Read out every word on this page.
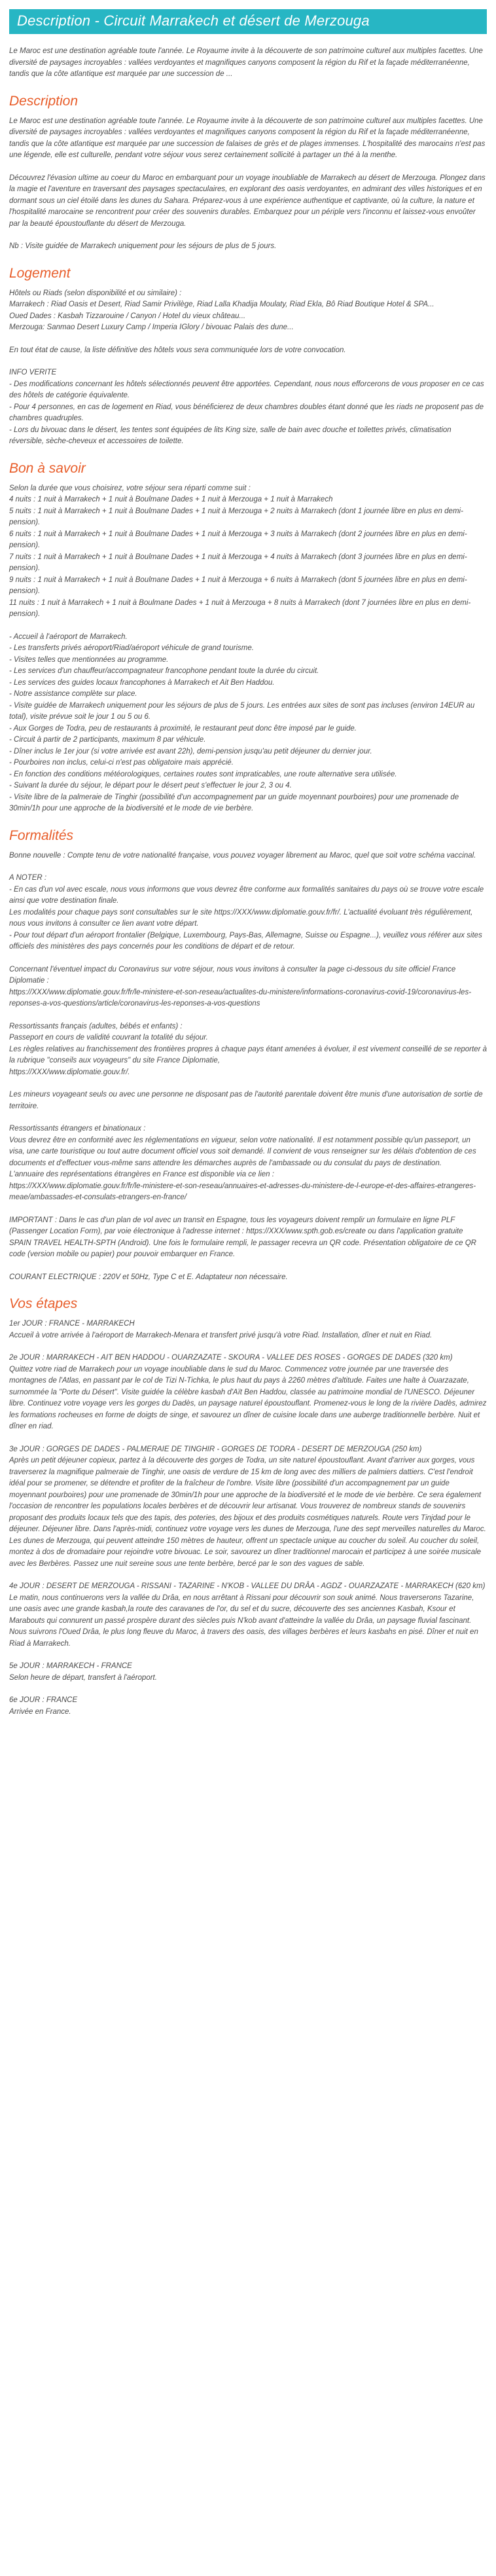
Description - Circuit Marrakech et désert de Merzouga

Le Maroc est une destination agréable toute l'année. Le Royaume invite à la découverte de son patrimoine culturel aux multiples facettes. Une diversité de paysages incroyables : vallées verdoyantes et magnifiques canyons composent la région du Rif et la façade méditerranéenne, tandis que la côte atlantique est marquée par une succession de ...

Description

Le Maroc est une destination agréable toute l'année. Le Royaume invite à la découverte de son patrimoine culturel aux multiples facettes. Une diversité de paysages incroyables : vallées verdoyantes et magnifiques canyons composent la région du Rif et la façade méditerranéenne, tandis que la côte atlantique est marquée par une succession de falaises de grès et de plages immenses. L'hospitalité des marocains n'est pas une légende, elle est culturelle, pendant votre séjour vous serez certainement sollicité à partager un thé à la menthe.

Découvrez l'évasion ultime au coeur du Maroc en embarquant pour un voyage inoubliable de Marrakech au désert de Merzouga. Plongez dans la magie et l'aventure en traversant des paysages spectaculaires, en explorant des oasis verdoyantes, en admirant des villes historiques et en dormant sous un ciel étoilé dans les dunes du Sahara. Préparez-vous à une expérience authentique et captivante, où la culture, la nature et l'hospitalité marocaine se rencontrent pour créer des souvenirs durables. Embarquez pour un périple vers l'inconnu et laissez-vous envoûter par la beauté époustouflante du désert de Merzouga.

Nb : Visite guidée de Marrakech uniquement pour les séjours de plus de 5 jours.

Logement

Hôtels ou Riads (selon disponibilité et ou similaire) :
Marrakech : Riad Oasis et Desert, Riad Samir Privilège, Riad Lalla Khadija Moulaty, Riad Ekla, Bô Riad Boutique Hotel & SPA...
Oued Dades : Kasbah Tizzarouine / Canyon / Hotel du vieux château...
Merzouga: Sanmao Desert Luxury Camp / Imperia IGlory / bivouac Palais des dune...

En tout état de cause, la liste définitive des hôtels vous sera communiquée lors de votre convocation.

INFO VERITE
- Des modifications concernant les hôtels sélectionnés peuvent être apportées. Cependant, nous nous efforcerons de vous proposer en ce cas des hôtels de catégorie équivalente.
- Pour 4 personnes, en cas de logement en Riad, vous bénéficierez de deux chambres doubles étant donné que les riads ne proposent pas de chambres quadruples.
- Lors du bivouac dans le désert, les tentes sont équipées de lits King size, salle de bain avec douche et toilettes privés, climatisation réversible, sèche-cheveux et accessoires de toilette.

Bon à savoir

Selon la durée que vous choisirez, votre séjour sera réparti comme suit :
4 nuits : 1 nuit à Marrakech + 1 nuit à Boulmane Dades + 1 nuit à Merzouga + 1 nuit à Marrakech
5 nuits : 1 nuit à Marrakech + 1 nuit à Boulmane Dades + 1 nuit à Merzouga + 2 nuits à Marrakech (dont 1 journée libre en plus en demi-pension).
6 nuits : 1 nuit à Marrakech + 1 nuit à Boulmane Dades + 1 nuit à Merzouga + 3 nuits à Marrakech (dont 2 journées libre en plus en demi-pension).
7 nuits : 1 nuit à Marrakech + 1 nuit à Boulmane Dades + 1 nuit à Merzouga + 4 nuits à Marrakech (dont 3 journées libre en plus en demi-pension).
9 nuits : 1 nuit à Marrakech + 1 nuit à Boulmane Dades + 1 nuit à Merzouga + 6 nuits à Marrakech (dont 5 journées libre en plus en demi-pension).
11 nuits : 1 nuit à Marrakech + 1 nuit à Boulmane Dades + 1 nuit à Merzouga + 8 nuits à Marrakech (dont 7 journées libre en plus en demi-pension).

- Accueil à l'aéroport de Marrakech.
- Les transferts privés aéroport/Riad/aéroport véhicule de grand tourisme.
- Visites telles que mentionnées au programme.
- Les services d'un chauffeur/accompagnateur francophone pendant toute la durée du circuit.
- Les services des guides locaux francophones à Marrakech et Ait Ben Haddou.
- Notre assistance complète sur place.
- Visite guidée de Marrakech uniquement pour les séjours de plus de 5 jours. Les entrées aux sites de sont pas incluses (environ 14EUR au total), visite prévue soit le jour 1 ou 5 ou 6.
- Aux Gorges de Todra, peu de restaurants à proximité, le restaurant peut donc être imposé par le guide.
- Circuit à partir de 2 participants, maximum 8 par véhicule.
- Dîner inclus le 1er jour (si votre arrivée est avant 22h), demi-pension jusqu'au petit déjeuner du dernier jour.
- Pourboires non inclus, celui-ci n'est pas obligatoire mais apprécié.
- En fonction des conditions météorologiques, certaines routes sont impraticables, une route alternative sera utilisée.
- Suivant la durée du séjour, le départ pour le désert peut s'effectuer le jour 2, 3 ou 4.
- Visite libre de la palmeraie de Tinghir (possibilité d'un accompagnement par un guide moyennant pourboires) pour une promenade de 30min/1h pour une approche de la biodiversité et le mode de vie berbère.

Formalités

Bonne nouvelle : Compte tenu de votre nationalité française, vous pouvez voyager librement au Maroc, quel que soit votre schéma vaccinal.

A NOTER :
- En cas d'un vol avec escale, nous vous informons que vous devrez être conforme aux formalités sanitaires du pays où se trouve votre escale ainsi que votre destination finale.
Les modalités pour chaque pays sont consultables sur le site https://XXX/www.diplomatie.gouv.fr/fr/. L'actualité évoluant très régulièrement, nous vous invitons à consulter ce lien avant votre départ.
- Pour tout départ d'un aéroport frontalier (Belgique, Luxembourg, Pays-Bas, Allemagne, Suisse ou Espagne...), veuillez vous référer aux sites officiels des ministères des pays concernés pour les conditions de départ et de retour.

Concernant l'éventuel impact du Coronavirus sur votre séjour, nous vous invitons à consulter la page ci-dessous du site officiel France Diplomatie :
https://XXX/www.diplomatie.gouv.fr/fr/le-ministere-et-son-reseau/actualites-du-ministere/informations-coronavirus-covid-19/coronavirus-les-reponses-a-vos-questions/article/coronavirus-les-reponses-a-vos-questions

Ressortissants français (adultes, bébés et enfants) :
Passeport en cours de validité couvrant la totalité du séjour.
Les règles relatives au franchissement des frontières propres à chaque pays étant amenées à évoluer, il est vivement conseillé de se reporter à la rubrique "conseils aux voyageurs" du site France Diplomatie,
https://XXX/www.diplomatie.gouv.fr/.

Les mineurs voyageant seuls ou avec une personne ne disposant pas de l'autorité parentale doivent être munis d'une autorisation de sortie de territoire.

Ressortissants étrangers et binationaux :
Vous devrez être en conformité avec les réglementations en vigueur, selon votre nationalité. Il est notamment possible qu'un passeport, un visa, une carte touristique ou tout autre document officiel vous soit demandé. Il convient de vous renseigner sur les délais d'obtention de ces documents et d'effectuer vous-même sans attendre les démarches auprès de l'ambassade ou du consulat du pays de destination.
L'annuaire des représentations étrangères en France est disponible via ce lien :
https://XXX/www.diplomatie.gouv.fr/fr/le-ministere-et-son-reseau/annuaires-et-adresses-du-ministere-de-l-europe-et-des-affaires-etrangeres-meae/ambassades-et-consulats-etrangers-en-france/

IMPORTANT : Dans le cas d'un plan de vol avec un transit en Espagne, tous les voyageurs doivent remplir un formulaire en ligne PLF (Passenger Location Form), par voie électronique à l'adresse internet : https://XXX/www.spth.gob.es/create ou dans l'application gratuite SPAIN TRAVEL HEALTH-SPTH (Android). Une fois le formulaire rempli, le passager recevra un QR code. Présentation obligatoire de ce QR code (version mobile ou papier) pour pouvoir embarquer en France.

COURANT ELECTRIQUE : 220V et 50Hz, Type C et E. Adaptateur non nécessaire.

Vos étapes

1er JOUR : FRANCE - MARRAKECH

Accueil à votre arrivée à l'aéroport de Marrakech-Menara et transfert privé jusqu'à votre Riad. Installation, dîner et nuit en Riad.

2e JOUR : MARRAKECH - AIT BEN HADDOU - OUARZAZATE - SKOURA - VALLEE DES ROSES - GORGES DE DADES (320 km)

Quittez votre riad de Marrakech pour un voyage inoubliable dans le sud du Maroc. Commencez votre journée par une traversée des montagnes de l'Atlas, en passant par le col de Tizi N-Tichka, le plus haut du pays à 2260 mètres d'altitude. Faites une halte à Ouarzazate, surnommée la "Porte du Désert". Visite guidée la célèbre kasbah d'Aït Ben Haddou, classée au patrimoine mondial de l'UNESCO. Déjeuner libre. Continuez votre voyage vers les gorges du Dadès, un paysage naturel époustouflant. Promenez-vous le long de la rivière Dadès, admirez les formations rocheuses en forme de doigts de singe, et savourez un dîner de cuisine locale dans une auberge traditionnelle berbère. Nuit et dîner en riad.

3e JOUR : GORGES DE DADES - PALMERAIE DE TINGHIR - GORGES DE TODRA - DESERT DE MERZOUGA (250 km)

Après un petit déjeuner copieux, partez à la découverte des gorges de Todra, un site naturel époustouflant. Avant d'arriver aux gorges, vous traverserez la magnifique palmeraie de Tinghir, une oasis de verdure de 15 km de long avec des milliers de palmiers dattiers. C'est l'endroit idéal pour se promener, se détendre et profiter de la fraîcheur de l'ombre. Visite libre (possibilité d'un accompagnement par un guide moyennant pourboires) pour une promenade de 30min/1h pour une approche de la biodiversité et le mode de vie berbère. Ce sera également l'occasion de rencontrer les populations locales berbères et de découvrir leur artisanat. Vous trouverez de nombreux stands de souvenirs proposant des produits locaux tels que des tapis, des poteries, des bijoux et des produits cosmétiques naturels. Route vers Tinjdad pour le déjeuner. Déjeuner libre. Dans l'après-midi, continuez votre voyage vers les dunes de Merzouga, l'une des sept merveilles naturelles du Maroc. Les dunes de Merzouga, qui peuvent atteindre 150 mètres de hauteur, offrent un spectacle unique au coucher du soleil. Au coucher du soleil, montez à dos de dromadaire pour rejoindre votre bivouac. Le soir, savourez un dîner traditionnel marocain et participez à une soirée musicale avec les Berbères. Passez une nuit sereine sous une tente berbère, bercé par le son des vagues de sable.

4e JOUR : DESERT DE MERZOUGA - RISSANI - TAZARINE - N'KOB - VALLEE DU DRÂA - AGDZ - OUARZAZATE - MARRAKECH (620 km)

Le matin, nous continuerons vers la vallée du Drâa, en nous arrêtant à Rissani pour découvrir son souk animé. Nous traverserons Tazarine, une oasis avec une grande kasbah,la route des caravanes de l'or, du sel et du sucre, découverte des ses anciennes Kasbah, Ksour et Marabouts qui connurent un passé prospère durant des siècles puis N'kob avant d'atteindre la vallée du Drâa, un paysage fluvial fascinant. Nous suivrons l'Oued Drâa, le plus long fleuve du Maroc, à travers des oasis, des villages berbères et leurs kasbahs en pisé. Dîner et nuit en Riad à Marrakech.

5e JOUR : MARRAKECH - FRANCE

Selon heure de départ, transfert à l'aéroport.

6e JOUR : FRANCE

Arrivée en France.
